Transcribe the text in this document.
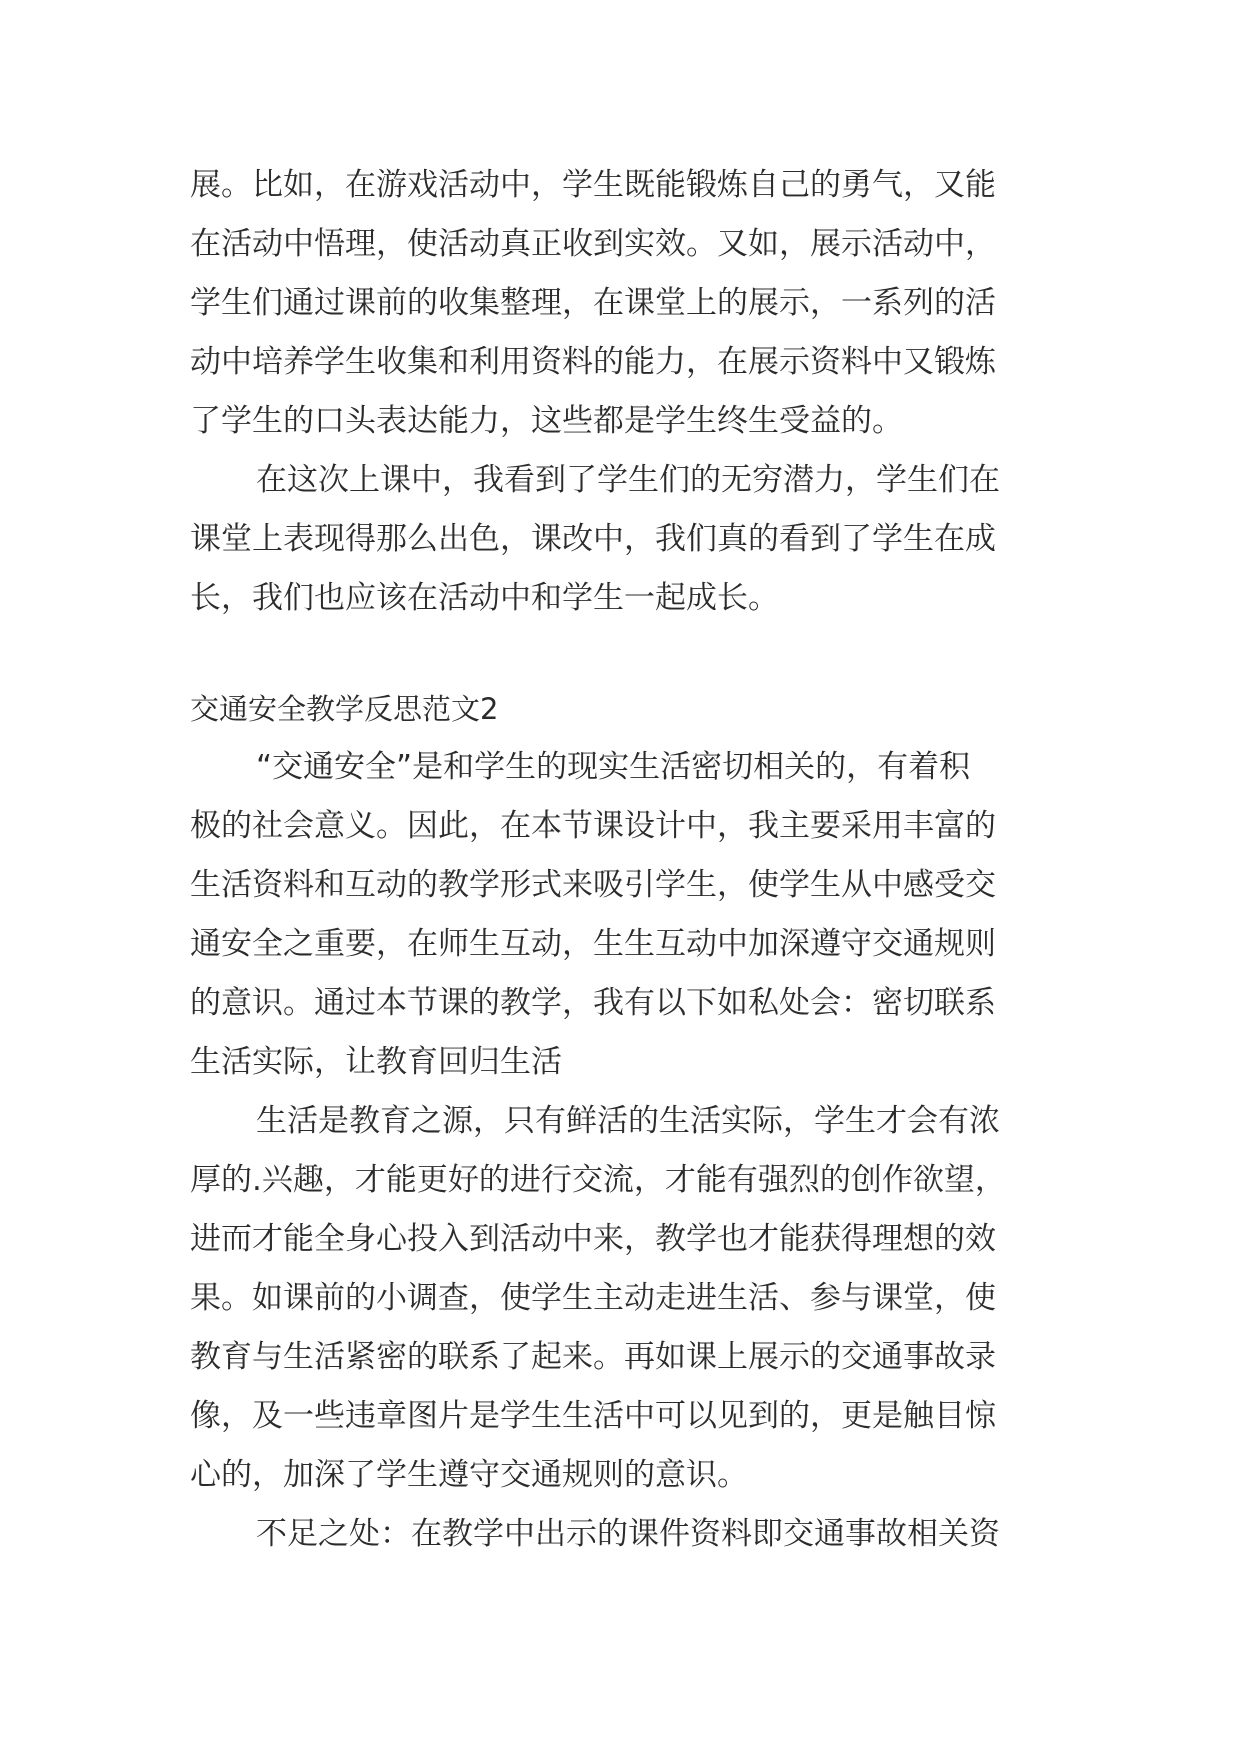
展。比如，在游戏活动中，学生既能锻炼自己的勇气，又能
在活动中悟理，使活动真正收到实效。又如，展示活动中，
学生们通过课前的收集整理，在课堂上的展示，一系列的活
动中培养学生收集和利用资料的能力，在展示资料中又锻炼
了学生的口头表达能力，这些都是学生终生受益的。
在这次上课中，我看到了学生们的无穷潜力，学生们在
课堂上表现得那么出色，课改中，我们真的看到了学生在成
长，我们也应该在活动中和学生一起成长。
交通安全教学反思范文2
“交通安全”是和学生的现实生活密切相关的，有着积
极的社会意义。因此，在本节课设计中，我主要采用丰富的
生活资料和互动的教学形式来吸引学生，使学生从中感受交
通安全之重要，在师生互动，生生互动中加深遵守交通规则
的意识。通过本节课的教学，我有以下如私处会：密切联系
生活实际，让教育回归生活
生活是教育之源，只有鲜活的生活实际，学生才会有浓
厚的.兴趣，才能更好的进行交流，才能有强烈的创作欲望，
进而才能全身心投入到活动中来，教学也才能获得理想的效
果。如课前的小调查，使学生主动走进生活、参与课堂，使
教育与生活紧密的联系了起来。再如课上展示的交通事故录
像，及一些违章图片是学生生活中可以见到的，更是触目惊
心的，加深了学生遵守交通规则的意识。
不足之处：在教学中出示的课件资料即交通事故相关资
